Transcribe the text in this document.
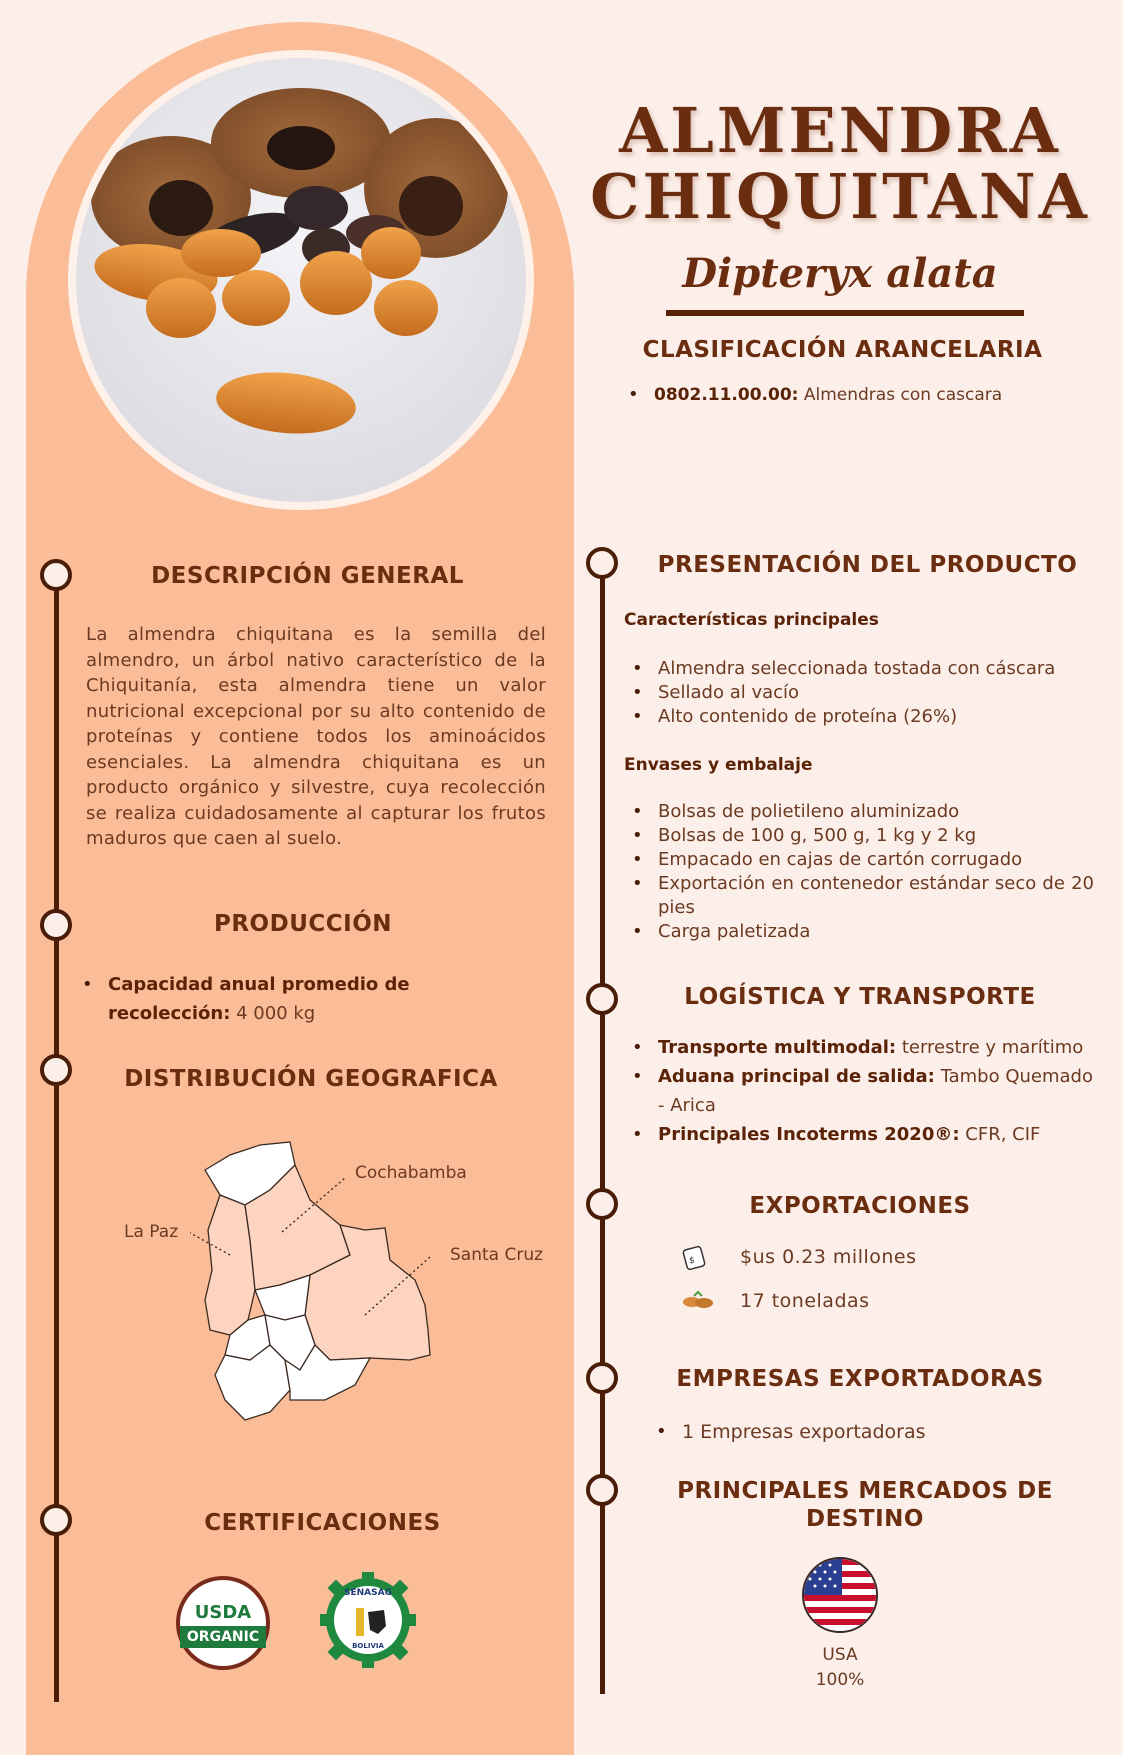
ALMENDRA
CHIQUITANA
Dipteryx alata
CLASIFICACIÓN ARANCELARIA
• 0802.11.00.00: Almendras con cascara
DESCRIPCIÓN GENERAL
La almendra chiquitana es la semilla del almendro, un árbol nativo característico de la Chiquitanía, esta almendra tiene un valor nutricional excepcional por su alto contenido de proteínas y contiene todos los aminoácidos esenciales. La almendra chiquitana es un producto orgánico y silvestre, cuya recolección se realiza cuidadosamente al capturar los frutos maduros que caen al suelo.
PRODUCCIÓN
• Capacidad anual promedio de recolección: 4 000 kg
DISTRIBUCIÓN GEOGRAFICA
Cochabamba
La Paz
Santa Cruz
CERTIFICACIONES
USDA
ORGANIC
SENASAG
BOLIVIA
PRESENTACIÓN DEL PRODUCTO
Características principales
• Almendra seleccionada tostada con cáscara
• Sellado al vacío
• Alto contenido de proteína (26%)
Envases y embalaje
• Bolsas de polietileno aluminizado
• Bolsas de 100 g, 500 g, 1 kg y 2 kg
• Empacado en cajas de cartón corrugado
• Exportación en contenedor estándar seco de 20 pies
• Carga paletizada
LOGÍSTICA Y TRANSPORTE
• Transporte multimodal: terrestre y marítimo
• Aduana principal de salida: Tambo Quemado - Arica
• Principales Incoterms 2020®: CFR, CIF
EXPORTACIONES
$ $us 0.23 millones
17 toneladas
EMPRESAS EXPORTADORAS
• 1 Empresas exportadoras
PRINCIPALES MERCADOS DE DESTINO
USA
100%
